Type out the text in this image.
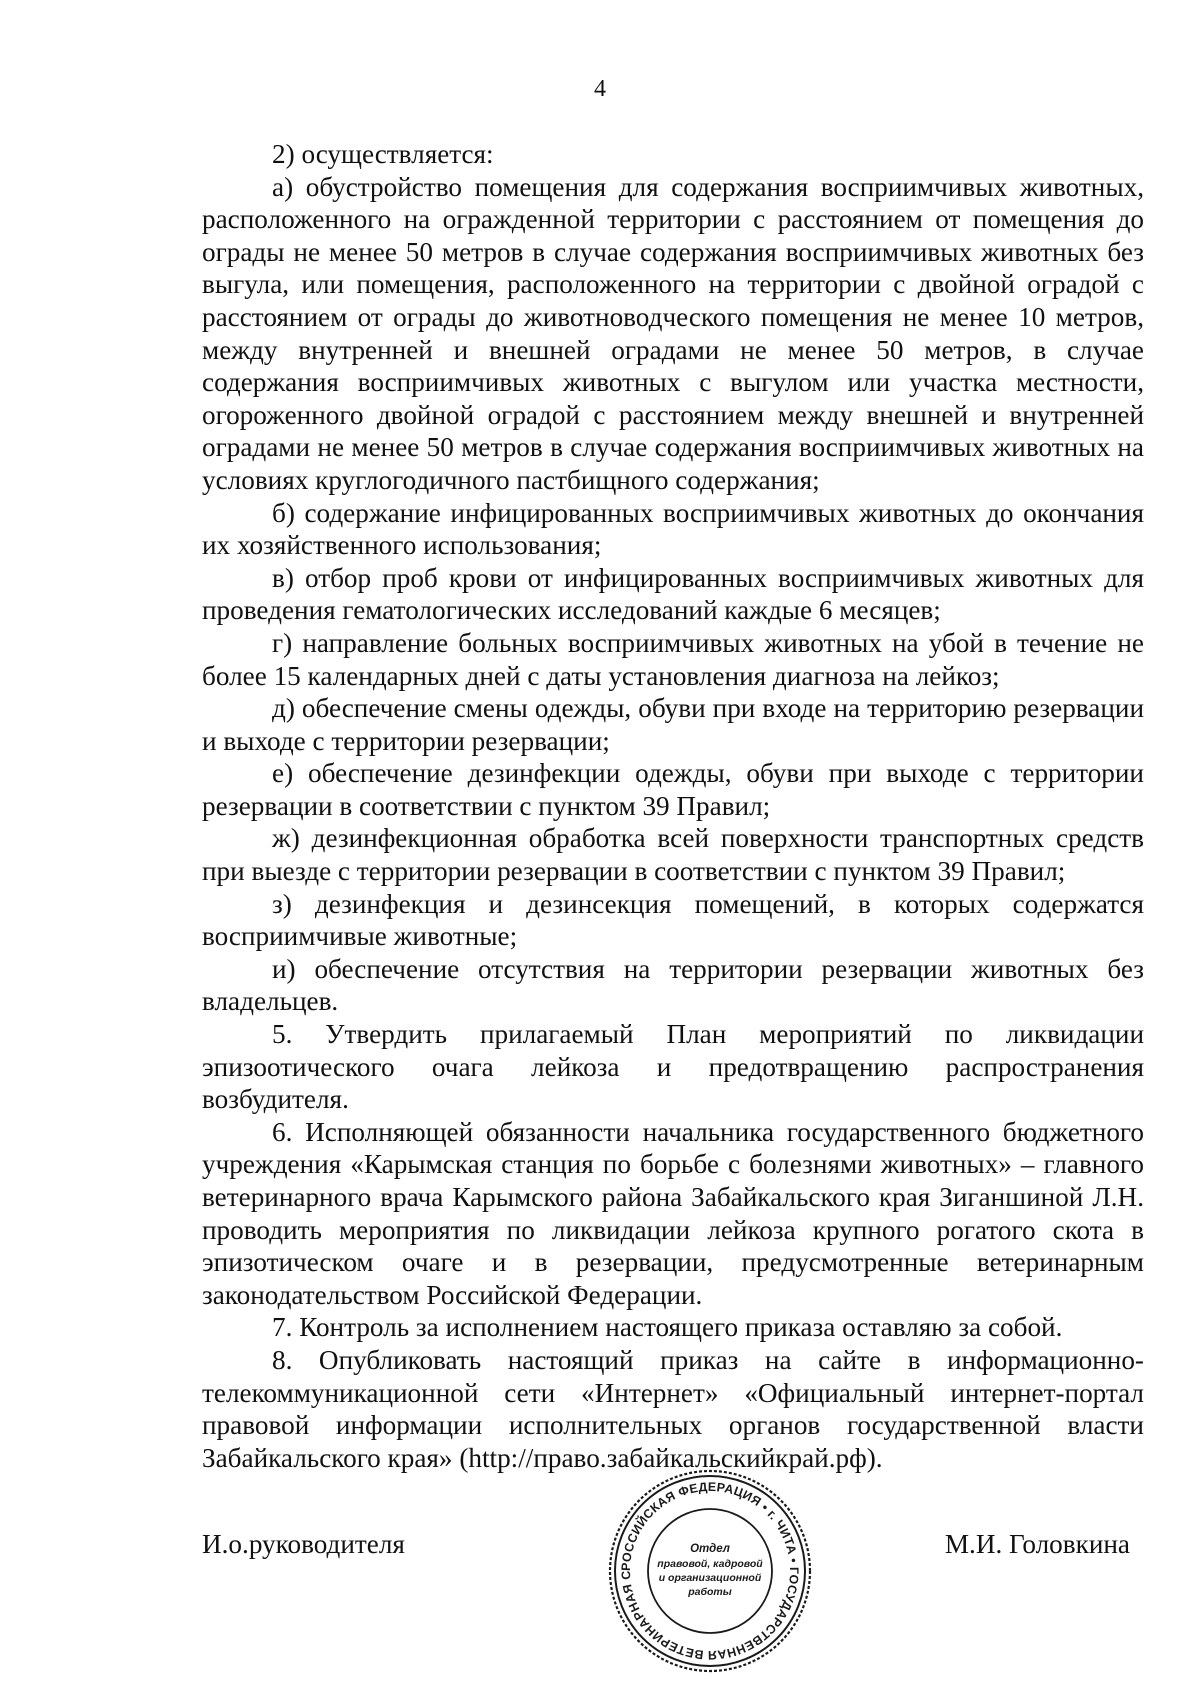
4

2) осуществляется:

а) обустройство помещения для содержания восприимчивых животных, расположенного на огражденной территории с расстоянием от помещения до ограды не менее 50 метров в случае содержания восприимчивых животных без выгула, или помещения, расположенного на территории с двойной оградой с расстоянием от ограды до животноводческого помещения не менее 10 метров, между внутренней и внешней оградами не менее 50 метров, в случае содержания восприимчивых животных с выгулом или участка местности, огороженного двойной оградой с расстоянием между внешней и внутренней оградами не менее 50 метров в случае содержания восприимчивых животных на условиях круглогодичного пастбищного содержания;

б) содержание инфицированных восприимчивых животных до окончания их хозяйственного использования;

в) отбор проб крови от инфицированных восприимчивых животных для проведения гематологических исследований каждые 6 месяцев;

г) направление больных восприимчивых животных на убой в течение не более 15 календарных дней с даты установления диагноза на лейкоз;

д) обеспечение смены одежды, обуви при входе на территорию резервации и выходе с территории резервации;

е) обеспечение дезинфекции одежды, обуви при выходе с территории резервации в соответствии с пунктом 39 Правил;

ж) дезинфекционная обработка всей поверхности транспортных средств при выезде с территории резервации в соответствии с пунктом 39 Правил;

з) дезинфекция и дезинсекция помещений, в которых содержатся восприимчивые животные;

и) обеспечение отсутствия на территории резервации животных без владельцев.

5. Утвердить прилагаемый План мероприятий по ликвидации эпизоотического очага лейкоза и предотвращению распространения возбудителя.

6. Исполняющей обязанности начальника государственного бюджетного учреждения «Карымская станция по борьбе с болезнями животных» – главного ветеринарного врача Карымского района Забайкальского края Зиганшиной Л.Н. проводить мероприятия по ликвидации лейкоза крупного рогатого скота в эпизотическом очаге и в резервации, предусмотренные ветеринарным законодательством Российской Федерации.

7. Контроль за исполнением настоящего приказа оставляю за собой.

8. Опубликовать настоящий приказ на сайте в информационно-телекоммуникационной сети «Интернет» «Официальный интернет-портал правовой информации исполнительных органов государственной власти Забайкальского края» (http://право.забайкальскийкрай.рф).

И.о.руководителя	М.И. Головкина
РОССИЙСКАЯ ФЕДЕРАЦИЯ • г. ЧИТА • ГОСУДАРСТВЕННАЯ ВЕТЕРИНАРНАЯ С
Отдел
правовой, кадровой
и организационной
работы
